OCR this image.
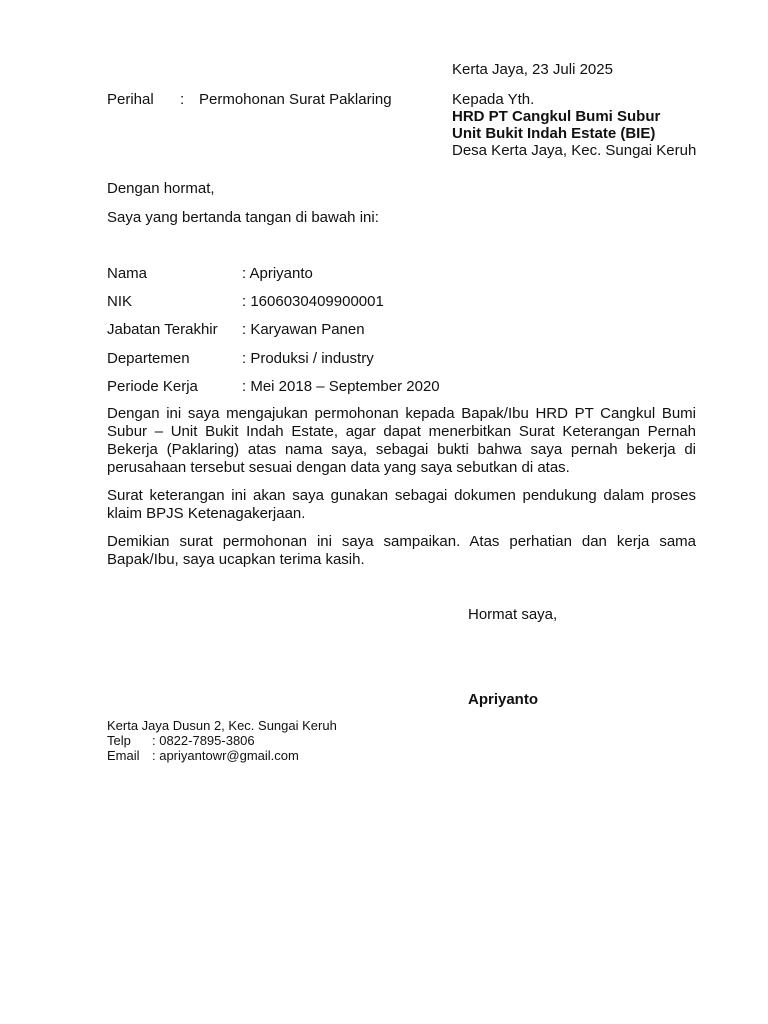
Kerta Jaya, 23 Juli 2025
Perihal : Permohonan Surat Paklaring	Kepada Yth.
HRD PT Cangkul Bumi Subur
Unit Bukit Indah Estate (BIE)
Desa Kerta Jaya, Kec. Sungai Keruh
Dengan hormat,
Saya yang bertanda tangan di bawah ini:
Nama	: Apriyanto
NIK	: 1606030409900001
Jabatan Terakhir : Karyawan Panen
Departemen	: Produksi / industry
Periode Kerja	: Mei 2018 – September 2020
Dengan ini saya mengajukan permohonan kepada Bapak/Ibu HRD PT Cangkul Bumi Subur – Unit Bukit Indah Estate, agar dapat menerbitkan Surat Keterangan Pernah Bekerja (Paklaring) atas nama saya, sebagai bukti bahwa saya pernah bekerja di perusahaan tersebut sesuai dengan data yang saya sebutkan di atas.
Surat keterangan ini akan saya gunakan sebagai dokumen pendukung dalam proses klaim BPJS Ketenagakerjaan.
Demikian surat permohonan ini saya sampaikan. Atas perhatian dan kerja sama Bapak/Ibu, saya ucapkan terima kasih.
Hormat saya,
Apriyanto
Kerta Jaya Dusun 2, Kec. Sungai Keruh
Telp : 0822-7895-3806
Email : apriyantowr@gmail.com
